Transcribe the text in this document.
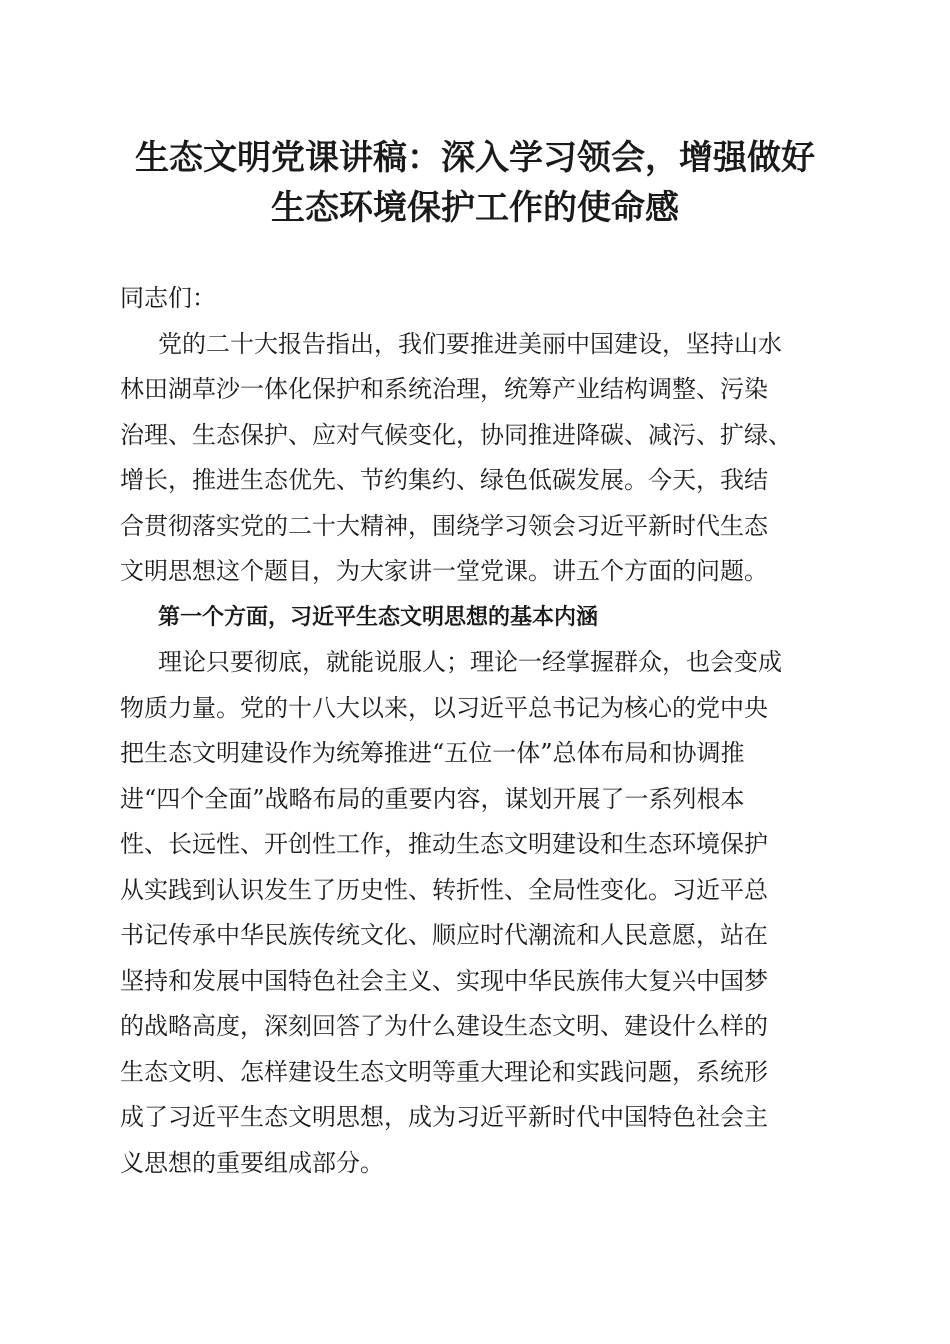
生态文明党课讲稿：深入学习领会，增强做好
生态环境保护工作的使命感
同志们：
党的二十大报告指出，我们要推进美丽中国建设，坚持山水
林田湖草沙一体化保护和系统治理，统筹产业结构调整、污染
治理、生态保护、应对气候变化，协同推进降碳、减污、扩绿、
增长，推进生态优先、节约集约、绿色低碳发展。今天，我结
合贯彻落实党的二十大精神，围绕学习领会习近平新时代生态
文明思想这个题目，为大家讲一堂党课。讲五个方面的问题。
第一个方面，习近平生态文明思想的基本内涵
理论只要彻底，就能说服人；理论一经掌握群众，也会变成
物质力量。党的十八大以来，以习近平总书记为核心的党中央
把生态文明建设作为统筹推进“五位一体”总体布局和协调推
进“四个全面”战略布局的重要内容，谋划开展了一系列根本
性、长远性、开创性工作，推动生态文明建设和生态环境保护
从实践到认识发生了历史性、转折性、全局性变化。习近平总
书记传承中华民族传统文化、顺应时代潮流和人民意愿，站在
坚持和发展中国特色社会主义、实现中华民族伟大复兴中国梦
的战略高度，深刻回答了为什么建设生态文明、建设什么样的
生态文明、怎样建设生态文明等重大理论和实践问题，系统形
成了习近平生态文明思想，成为习近平新时代中国特色社会主
义思想的重要组成部分。
